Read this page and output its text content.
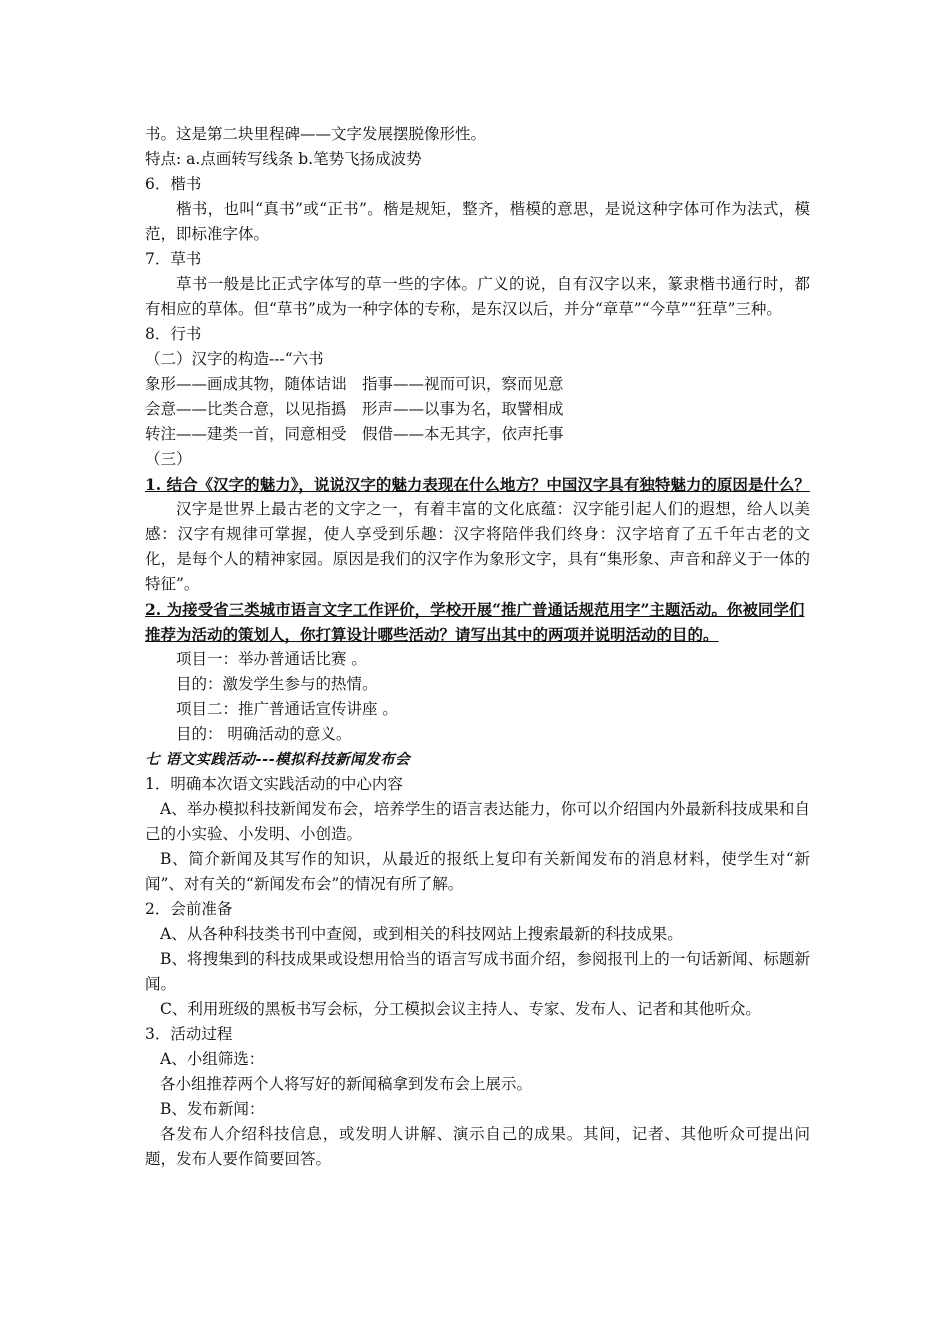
书。这是第二块里程碑——文字发展摆脱像形性。

特点: a.点画转写线条 b.笔势飞扬成波势

6．楷书

楷书，也叫“真书”或“正书”。楷是规矩，整齐，楷模的意思，是说这种字体可作为法式，模范，即标准字体。

7．草书

草书一般是比正式字体写的草一些的字体。广义的说，自有汉字以来，篆隶楷书通行时，都有相应的草体。但“草书”成为一种字体的专称，是东汉以后，并分“章草”“今草”“狂草”三种。

8．行书

（二）汉字的构造---“六书

象形——画成其物，随体诘诎　指事——视而可识，察而见意

会意——比类合意，以见指撝　形声——以事为名，取譬相成

转注——建类一首，同意相受　假借——本无其字，依声托事

（三）

1. 结合《汉字的魅力》，说说汉字的魅力表现在什么地方？中国汉字具有独特魅力的原因是什么？

汉字是世界上最古老的文字之一，有着丰富的文化底蕴：汉字能引起人们的遐想，给人以美感：汉字有规律可掌握，使人享受到乐趣：汉字将陪伴我们终身：汉字培育了五千年古老的文化，是每个人的精神家园。原因是我们的汉字作为象形文字，具有“集形象、声音和辞义于一体的特征”。

2. 为接受省三类城市语言文字工作评价，学校开展“推广普通话规范用字”主题活动。你被同学们推荐为活动的策划人，你打算设计哪些活动？请写出其中的两项并说明活动的目的。

项目一：举办普通话比赛 。

目的：激发学生参与的热情。

项目二：推广普通话宣传讲座 。

目的： 明确活动的意义。

七 语文实践活动---模拟科技新闻发布会

1．明确本次语文实践活动的中心内容

A、举办模拟科技新闻发布会，培养学生的语言表达能力，你可以介绍国内外最新科技成果和自己的小实验、小发明、小创造。

B、简介新闻及其写作的知识，从最近的报纸上复印有关新闻发布的消息材料，使学生对“新闻”、对有关的“新闻发布会”的情况有所了解。

2．会前准备

A、从各种科技类书刊中查阅，或到相关的科技网站上搜索最新的科技成果。

B、将搜集到的科技成果或设想用恰当的语言写成书面介绍，参阅报刊上的一句话新闻、标题新闻。

C、利用班级的黑板书写会标，分工模拟会议主持人、专家、发布人、记者和其他听众。

3．活动过程

A、小组筛选：

各小组推荐两个人将写好的新闻稿拿到发布会上展示。

B、发布新闻：

各发布人介绍科技信息，或发明人讲解、演示自己的成果。其间，记者、其他听众可提出问题，发布人要作简要回答。
